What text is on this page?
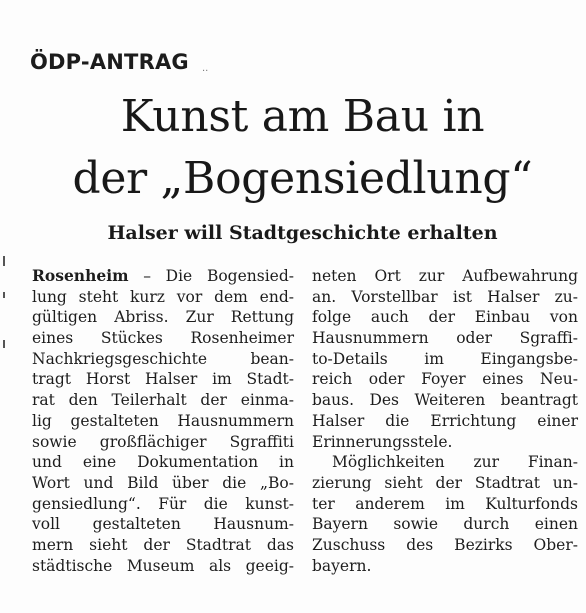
ÖDP-ANTRAG ··
Kunst am Bau in
der „Bogensiedlung“
Halser will Stadtgeschichte erhalten
Rosenheim – Die Bogensied-
lung steht kurz vor dem end-
gültigen Abriss. Zur Rettung
eines Stückes Rosenheimer
Nachkriegsgeschichte bean-
tragt Horst Halser im Stadt-
rat den Teilerhalt der einma-
lig gestalteten Hausnummern
sowie großflächiger Sgraffiti
und eine Dokumentation in
Wort und Bild über die „Bo-
gensiedlung“. Für die kunst-
voll gestalteten Hausnum-
mern sieht der Stadtrat das
städtische Museum als geeig-
neten Ort zur Aufbewahrung
an. Vorstellbar ist Halser zu-
folge auch der Einbau von
Hausnummern oder Sgraffi-
to-Details im Eingangsbe-
reich oder Foyer eines Neu-
baus. Des Weiteren beantragt
Halser die Errichtung einer
Erinnerungsstele.
Möglichkeiten zur Finan-
zierung sieht der Stadtrat un-
ter anderem im Kulturfonds
Bayern sowie durch einen
Zuschuss des Bezirks Ober-
bayern.
